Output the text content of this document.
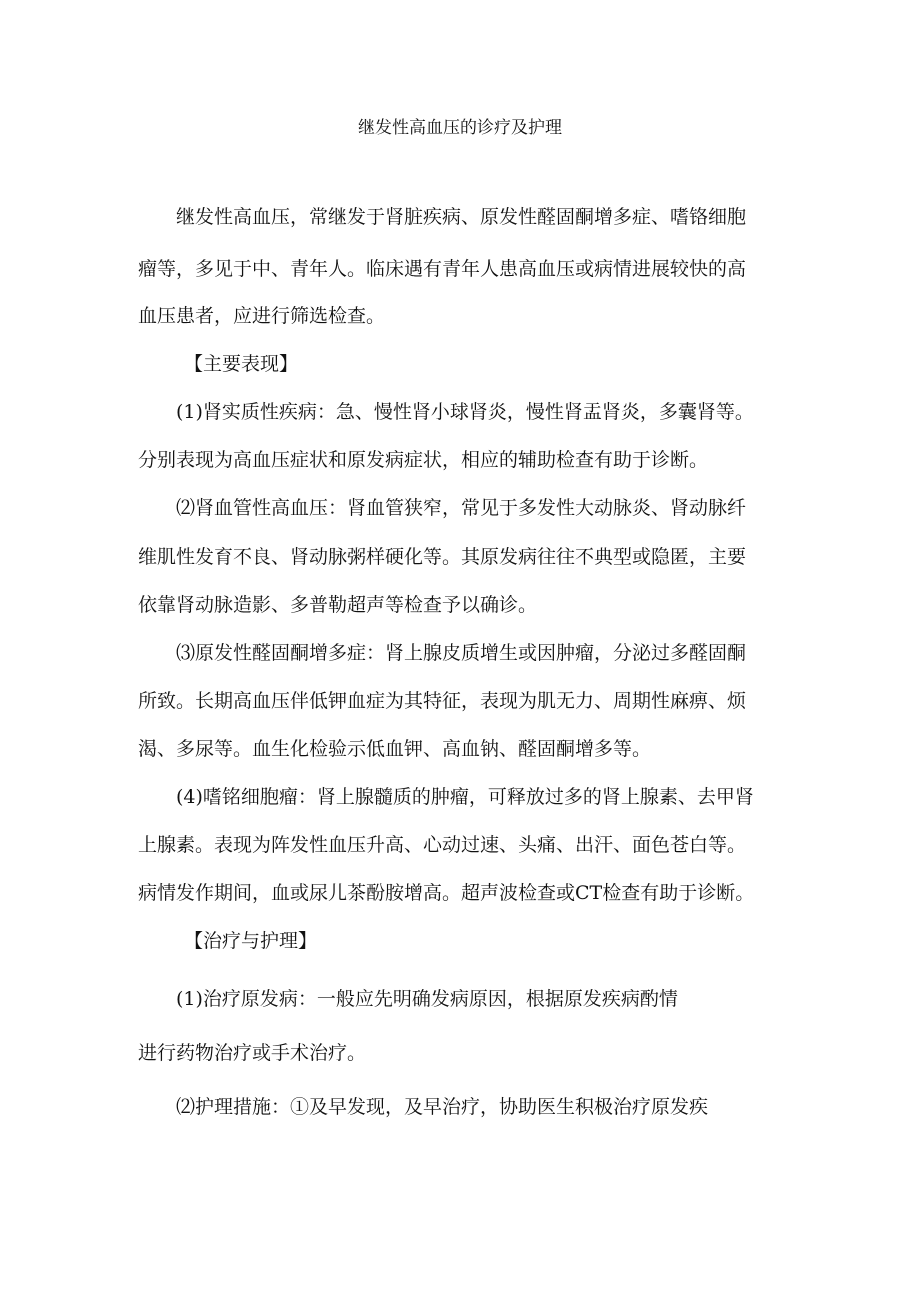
继发性高血压的诊疗及护理

继发性高血压，常继发于肾脏疾病、原发性醛固酮增多症、嗜铬细胞

瘤等，多见于中、青年人。临床遇有青年人患高血压或病情进展较快的高

血压患者，应进行筛选检查。

【主要表现】

(1)肾实质性疾病：急、慢性肾小球肾炎，慢性肾盂肾炎，多囊肾等。

分别表现为高血压症状和原发病症状，相应的辅助检查有助于诊断。

⑵肾血管性高血压：肾血管狭窄，常见于多发性大动脉炎、肾动脉纤

维肌性发育不良、肾动脉粥样硬化等。其原发病往往不典型或隐匿，主要

依靠肾动脉造影、多普勒超声等检查予以确诊。

⑶原发性醛固酮增多症：肾上腺皮质增生或因肿瘤，分泌过多醛固酮

所致。长期高血压伴低钾血症为其特征，表现为肌无力、周期性麻痹、烦

渴、多尿等。血生化检验示低血钾、高血钠、醛固酮增多等。

(4)嗜铭细胞瘤：肾上腺髓质的肿瘤，可释放过多的肾上腺素、去甲肾

上腺素。表现为阵发性血压升高、心动过速、头痛、出汗、面色苍白等。

病情发作期间，血或尿儿茶酚胺增高。超声波检查或CT检查有助于诊断。

【治疗与护理】

(1)治疗原发病：一般应先明确发病原因，根据原发疾病酌情

进行药物治疗或手术治疗。

⑵护理措施：①及早发现，及早治疗，协助医生积极治疗原发疾
